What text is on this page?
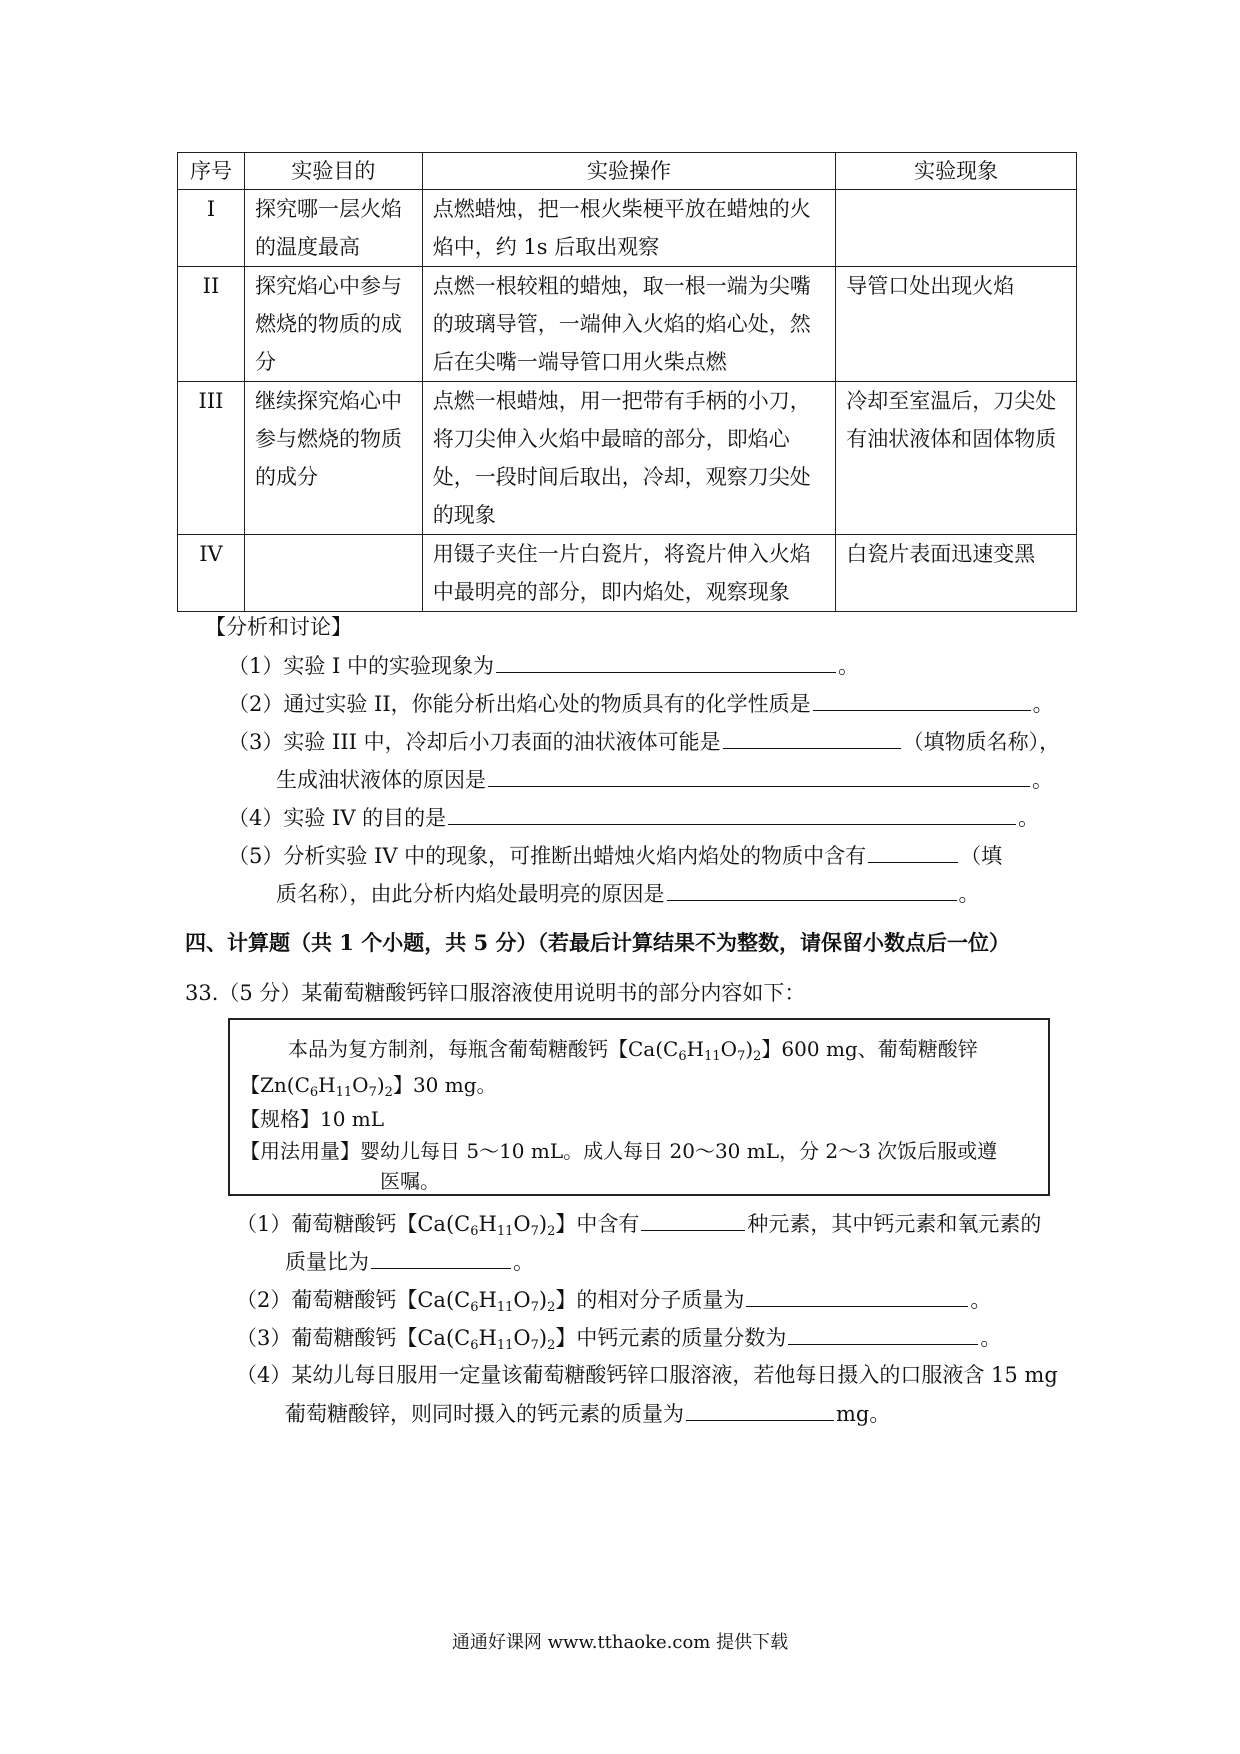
序号	实验目的	实验操作	实验现象
I	探究哪一层火焰的温度最高	点燃蜡烛，把一根火柴梗平放在蜡烛的火焰中，约 1s 后取出观察	
II	探究焰心中参与燃烧的物质的成分	点燃一根较粗的蜡烛，取一根一端为尖嘴的玻璃导管，一端伸入火焰的焰心处，然后在尖嘴一端导管口用火柴点燃	导管口处出现火焰
III	继续探究焰心中参与燃烧的物质的成分	点燃一根蜡烛，用一把带有手柄的小刀，将刀尖伸入火焰中最暗的部分，即焰心处，一段时间后取出，冷却，观察刀尖处的现象	冷却至室温后，刀尖处有油状液体和固体物质
IV		用镊子夹住一片白瓷片，将瓷片伸入火焰中最明亮的部分，即内焰处，观察现象	白瓷片表面迅速变黑
【分析和讨论】
（1）实验 I 中的实验现象为	。
（2）通过实验 II，你能分析出焰心处的物质具有的化学性质是	。
（3）实验 III 中，冷却后小刀表面的油状液体可能是	（填物质名称），
生成油状液体的原因是	。
（4）实验 IV 的目的是	。
（5）分析实验 IV 中的现象，可推断出蜡烛火焰内焰处的物质中含有	（填
质名称），由此分析内焰处最明亮的原因是	。
四、计算题（共 1 个小题，共 5 分）（若最后计算结果不为整数，请保留小数点后一位）
33.（5 分）某葡萄糖酸钙锌口服溶液使用说明书的部分内容如下：
本品为复方制剂，每瓶含葡萄糖酸钙【$Ca(C_6H_{11}O_7)_2$】600 mg、葡萄糖酸锌
【$Zn(C_6H_{11}O_7)_2$】30 mg。
【规格】10 mL
【用法用量】婴幼儿每日 5～10 mL。成人每日 20～30 mL，分 2～3 次饭后服或遵
医嘱。
（1）葡萄糖酸钙【$Ca(C_6H_{11}O_7)_2$】中含有	种元素，其中钙元素和氧元素的
质量比为	。
（2）葡萄糖酸钙【$Ca(C_6H_{11}O_7)_2$】的相对分子质量为	。
（3）葡萄糖酸钙【$Ca(C_6H_{11}O_7)_2$】中钙元素的质量分数为	。
（4）某幼儿每日服用一定量该葡萄糖酸钙锌口服溶液，若他每日摄入的口服液含 15 mg
葡萄糖酸锌，则同时摄入的钙元素的质量为	mg。
通通好课网 www.tthaoke.com 提供下载
